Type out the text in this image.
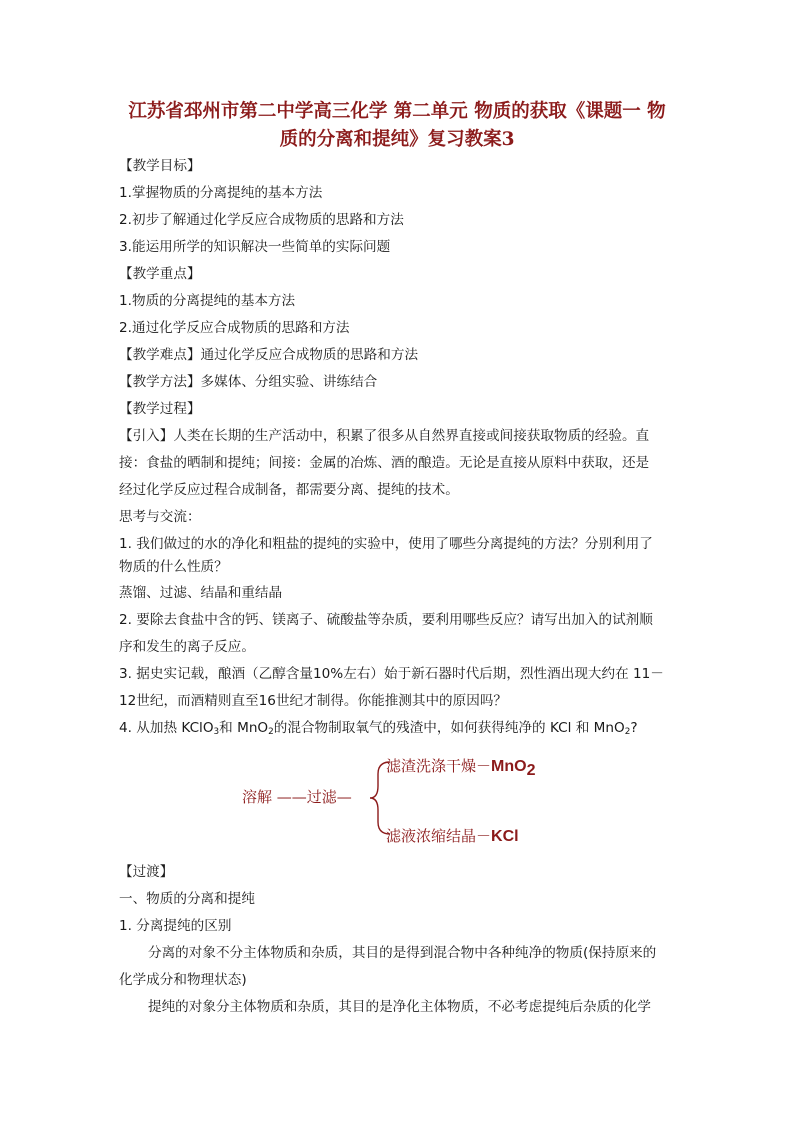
江苏省邳州市第二中学高三化学 第二单元 物质的获取《课题一 物
质的分离和提纯》复习教案3
【教学目标】
1.掌握物质的分离提纯的基本方法
2.初步了解通过化学反应合成物质的思路和方法
3.能运用所学的知识解决一些简单的实际问题
【教学重点】
1.物质的分离提纯的基本方法
2.通过化学反应合成物质的思路和方法
【教学难点】通过化学反应合成物质的思路和方法
【教学方法】多媒体、分组实验、讲练结合
【教学过程】
【引入】人类在长期的生产活动中，积累了很多从自然界直接或间接获取物质的经验。直
接：食盐的晒制和提纯；间接：金属的冶炼、酒的酿造。无论是直接从原料中获取，还是
经过化学反应过程合成制备，都需要分离、提纯的技术。
思考与交流：
1. 我们做过的水的净化和粗盐的提纯的实验中，使用了哪些分离提纯的方法？分别利用了
物质的什么性质？
蒸馏、过滤、结晶和重结晶
2. 要除去食盐中含的钙、镁离子、硫酸盐等杂质，要利用哪些反应？请写出加入的试剂顺
序和发生的离子反应。
3. 据史实记载，酿酒（乙醇含量10%左右）始于新石器时代后期，烈性酒出现大约在 11－
12世纪，而酒精则直至16世纪才制得。你能推测其中的原因吗？
4. 从加热 KClO$_3$和 MnO$_2$的混合物制取氧气的残渣中，如何获得纯净的 KCl 和 MnO$_2$?
溶解 ——过滤—
滤渣洗涤干燥－MnO$_2$
滤液浓缩结晶－KCl
【过渡】
一、物质的分离和提纯
1. 分离提纯的区别
分离的对象不分主体物质和杂质，其目的是得到混合物中各种纯净的物质(保持原来的
化学成分和物理状态)
提纯的对象分主体物质和杂质，其目的是净化主体物质，不必考虑提纯后杂质的化学
